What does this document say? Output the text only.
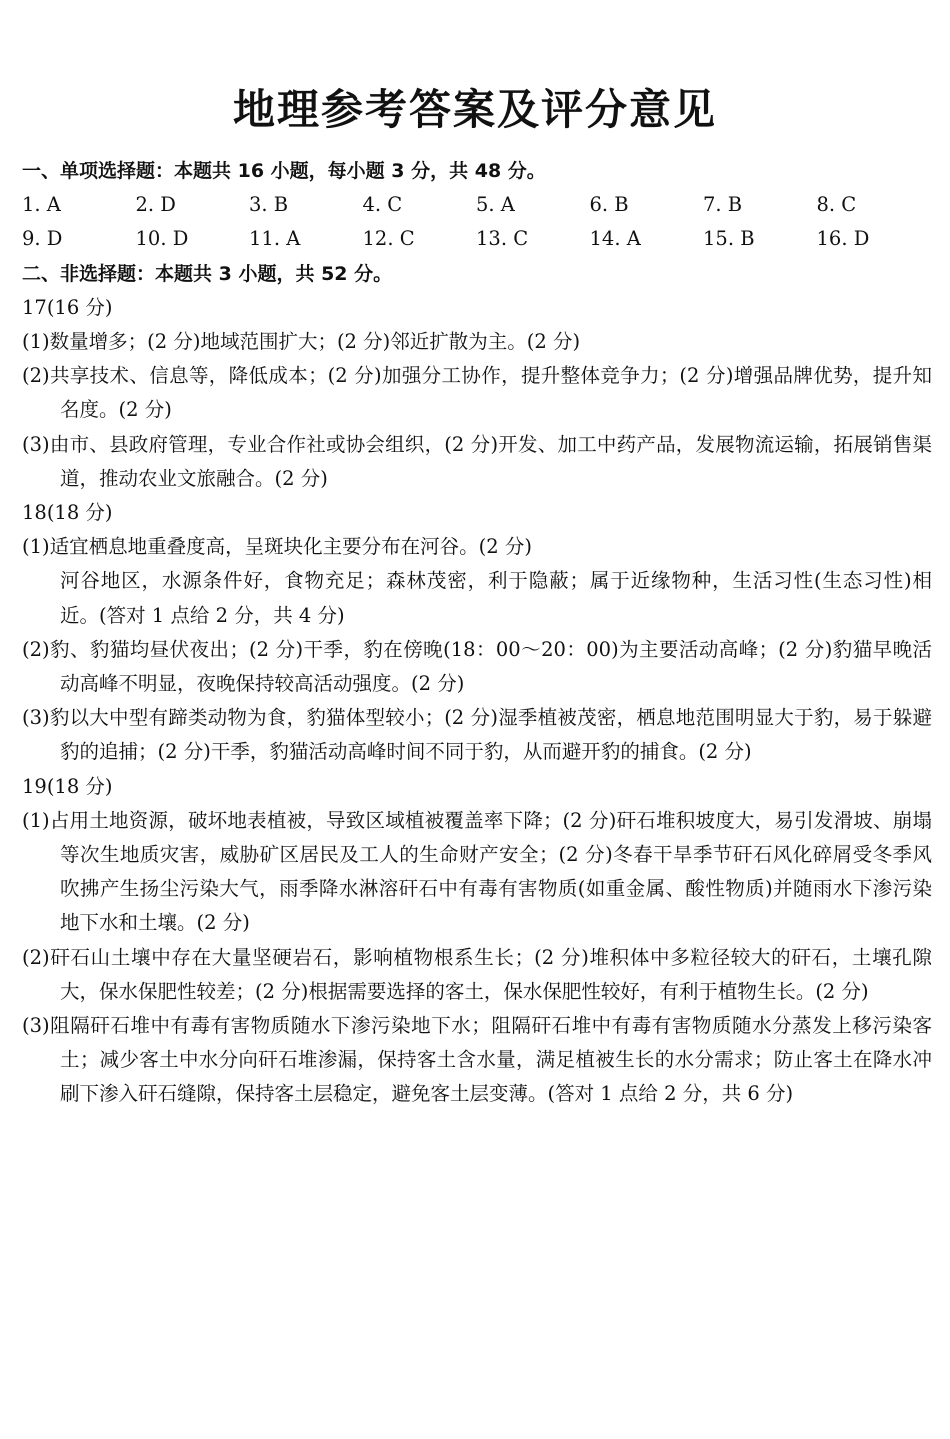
地理参考答案及评分意见
一、单项选择题：本题共 16 小题，每小题 3 分，共 48 分。
1. A	2. D	3. B	4. C	5. A	6. B	7. B	8. C
9. D	10. D	11. A	12. C	13. C	14. A	15. B	16. D
二、非选择题：本题共 3 小题，共 52 分。
17(16 分)
(1)数量增多；(2 分)地域范围扩大；(2 分)邻近扩散为主。(2 分)
(2)共享技术、信息等，降低成本；(2 分)加强分工协作，提升整体竞争力；(2 分)增强品牌优势，提升知名度。(2 分)
(3)由市、县政府管理，专业合作社或协会组织，(2 分)开发、加工中药产品，发展物流运输，拓展销售渠道，推动农业文旅融合。(2 分)
18(18 分)
(1)适宜栖息地重叠度高，呈斑块化主要分布在河谷。(2 分)
河谷地区，水源条件好，食物充足；森林茂密，利于隐蔽；属于近缘物种，生活习性(生态习性)相近。(答对 1 点给 2 分，共 4 分)
(2)豹、豹猫均昼伏夜出；(2 分)干季，豹在傍晚(18：00～20：00)为主要活动高峰；(2 分)豹猫早晚活动高峰不明显，夜晚保持较高活动强度。(2 分)
(3)豹以大中型有蹄类动物为食，豹猫体型较小；(2 分)湿季植被茂密，栖息地范围明显大于豹，易于躲避豹的追捕；(2 分)干季，豹猫活动高峰时间不同于豹，从而避开豹的捕食。(2 分)
19(18 分)
(1)占用土地资源，破坏地表植被，导致区域植被覆盖率下降；(2 分)矸石堆积坡度大，易引发滑坡、崩塌等次生地质灾害，威胁矿区居民及工人的生命财产安全；(2 分)冬春干旱季节矸石风化碎屑受冬季风吹拂产生扬尘污染大气，雨季降水淋溶矸石中有毒有害物质(如重金属、酸性物质)并随雨水下渗污染地下水和土壤。(2 分)
(2)矸石山土壤中存在大量坚硬岩石，影响植物根系生长；(2 分)堆积体中多粒径较大的矸石，土壤孔隙大，保水保肥性较差；(2 分)根据需要选择的客土，保水保肥性较好，有利于植物生长。(2 分)
(3)阻隔矸石堆中有毒有害物质随水下渗污染地下水；阻隔矸石堆中有毒有害物质随水分蒸发上移污染客土；减少客土中水分向矸石堆渗漏，保持客土含水量，满足植被生长的水分需求；防止客土在降水冲刷下渗入矸石缝隙，保持客土层稳定，避免客土层变薄。(答对 1 点给 2 分，共 6 分)
